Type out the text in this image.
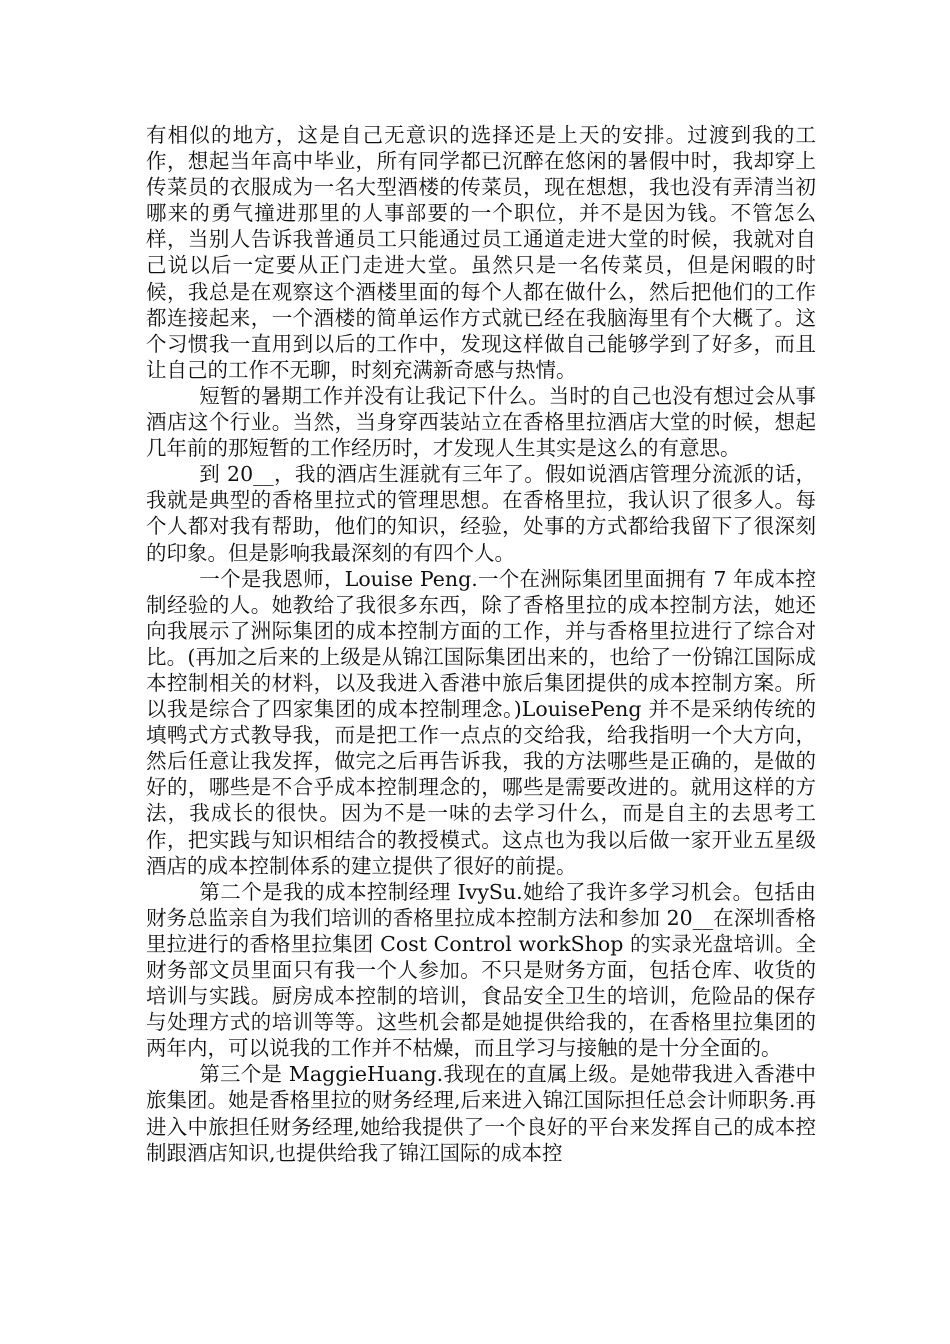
有相似的地方，这是自己无意识的选择还是上天的安排。过渡到我的工作，想起当年高中毕业，所有同学都已沉醉在悠闲的暑假中时，我却穿上传菜员的衣服成为一名大型酒楼的传菜员，现在想想，我也没有弄清当初哪来的勇气撞进那里的人事部要的一个职位，并不是因为钱。不管怎么样，当别人告诉我普通员工只能通过员工通道走进大堂的时候，我就对自己说以后一定要从正门走进大堂。虽然只是一名传菜员，但是闲暇的时候，我总是在观察这个酒楼里面的每个人都在做什么，然后把他们的工作都连接起来，一个酒楼的简单运作方式就已经在我脑海里有个大概了。这个习惯我一直用到以后的工作中，发现这样做自己能够学到了好多，而且让自己的工作不无聊，时刻充满新奇感与热情。

短暂的暑期工作并没有让我记下什么。当时的自己也没有想过会从事酒店这个行业。当然，当身穿西装站立在香格里拉酒店大堂的时候，想起几年前的那短暂的工作经历时，才发现人生其实是这么的有意思。

到 20__，我的酒店生涯就有三年了。假如说酒店管理分流派的话，我就是典型的香格里拉式的管理思想。在香格里拉，我认识了很多人。每个人都对我有帮助，他们的知识，经验，处事的方式都给我留下了很深刻的印象。但是影响我最深刻的有四个人。

一个是我恩师，Louise Peng.一个在洲际集团里面拥有 7 年成本控制经验的人。她教给了我很多东西，除了香格里拉的成本控制方法，她还向我展示了洲际集团的成本控制方面的工作，并与香格里拉进行了综合对比。(再加之后来的上级是从锦江国际集团出来的，也给了一份锦江国际成本控制相关的材料，以及我进入香港中旅后集团提供的成本控制方案。所以我是综合了四家集团的成本控制理念。)LouisePeng 并不是采纳传统的填鸭式方式教导我，而是把工作一点点的交给我，给我指明一个大方向，然后任意让我发挥，做完之后再告诉我，我的方法哪些是正确的，是做的好的，哪些是不合乎成本控制理念的，哪些是需要改进的。就用这样的方法，我成长的很快。因为不是一味的去学习什么，而是自主的去思考工作，把实践与知识相结合的教授模式。这点也为我以后做一家开业五星级酒店的成本控制体系的建立提供了很好的前提。

第二个是我的成本控制经理 IvySu.她给了我许多学习机会。包括由财务总监亲自为我们培训的香格里拉成本控制方法和参加 20__在深圳香格里拉进行的香格里拉集团 Cost Control workShop 的实录光盘培训。全财务部文员里面只有我一个人参加。不只是财务方面，包括仓库、收货的培训与实践。厨房成本控制的培训，食品安全卫生的培训，危险品的保存与处理方式的培训等等。这些机会都是她提供给我的，在香格里拉集团的两年内，可以说我的工作并不枯燥，而且学习与接触的是十分全面的。

第三个是 MaggieHuang.我现在的直属上级。是她带我进入香港中旅集团。她是香格里拉的财务经理,后来进入锦江国际担任总会计师职务.再进入中旅担任财务经理,她给我提供了一个良好的平台来发挥自己的成本控制跟酒店知识,也提供给我了锦江国际的成本控
